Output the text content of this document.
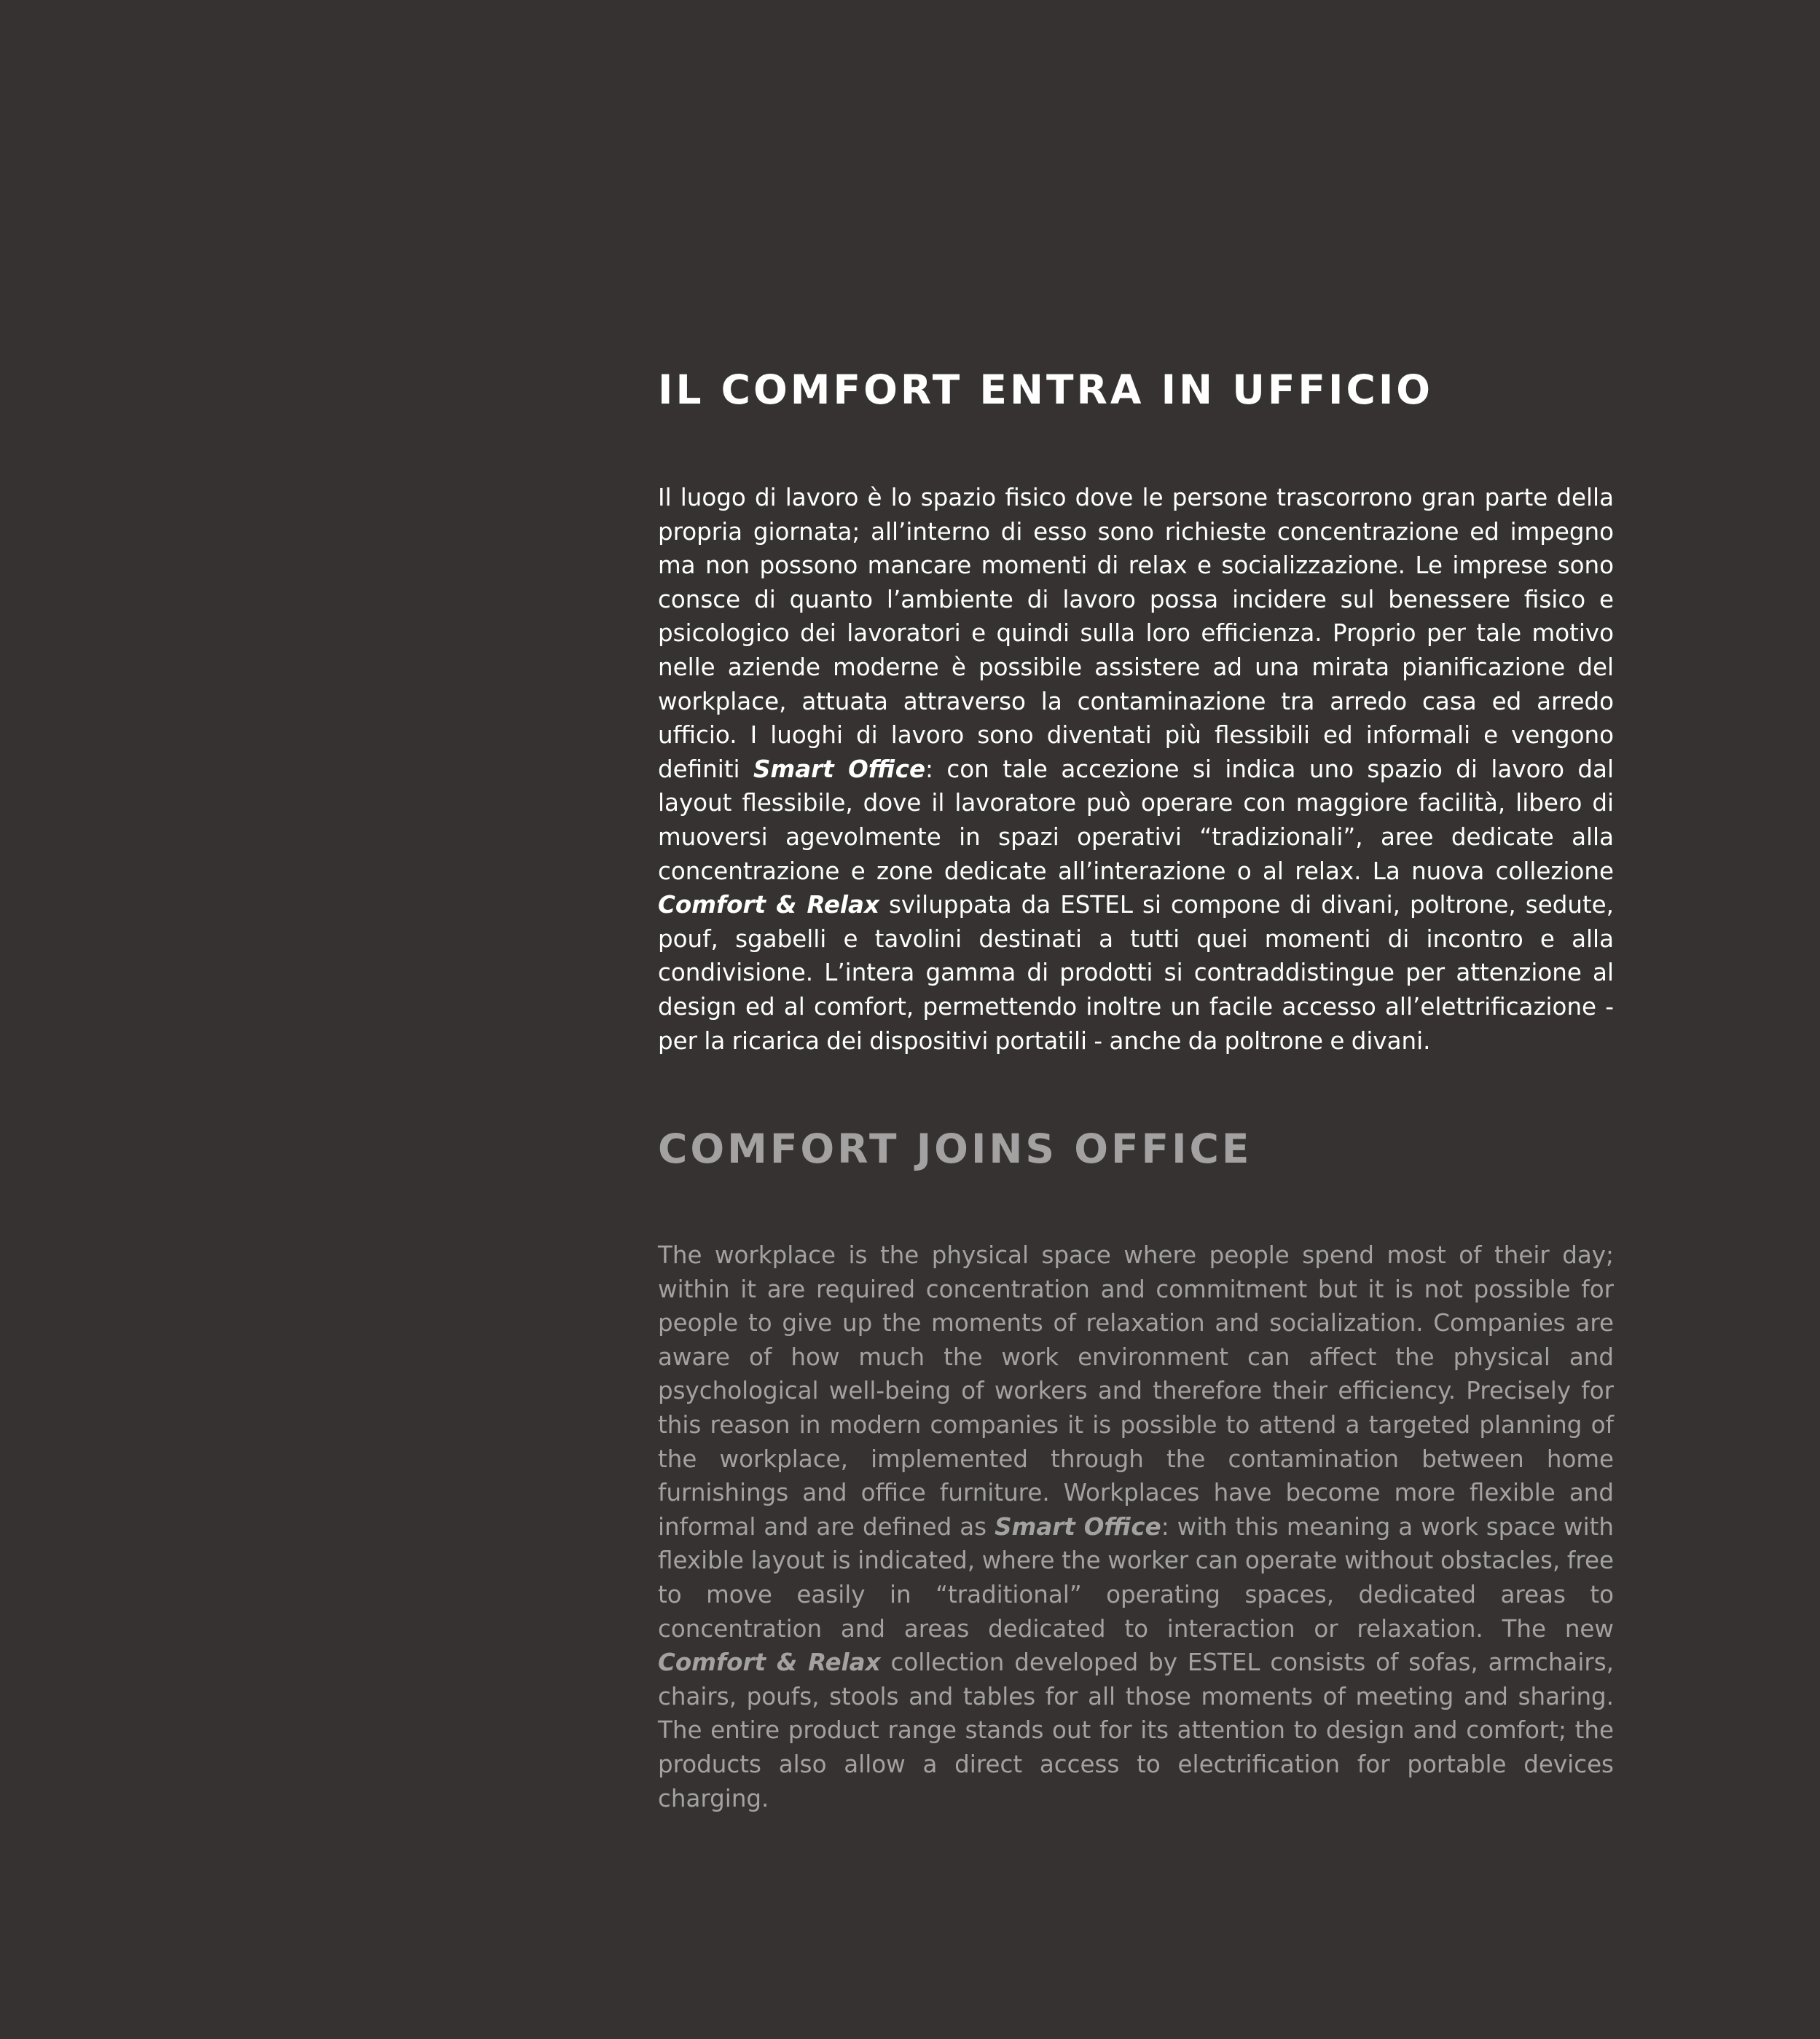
IL COMFORT ENTRA IN UFFICIO

Il luogo di lavoro è lo spazio fisico dove le persone trascorrono gran parte della propria giornata; all’interno di esso sono richieste concentrazione ed impegno ma non possono mancare momenti di relax e socializzazione. Le imprese sono consce di quanto l’ambiente di lavoro possa incidere sul benessere fisico e psicologico dei lavoratori e quindi sulla loro efficienza. Proprio per tale motivo nelle aziende moderne è possibile assistere ad una mirata pianificazione del workplace, attuata attraverso la contaminazione tra arredo casa ed arredo ufficio. I luoghi di lavoro sono diventati più flessibili ed informali e vengono definiti Smart Office: con tale accezione si indica uno spazio di lavoro dal layout flessibile, dove il lavoratore può operare con maggiore facilità, libero di muoversi agevolmente in spazi operativi “tradizionali”, aree dedicate alla concentrazione e zone dedicate all’interazione o al relax. La nuova collezione Comfort & Relax sviluppata da ESTEL si compone di divani, poltrone, sedute, pouf, sgabelli e tavolini destinati a tutti quei momenti di incontro e alla condivisione. L’intera gamma di prodotti si contraddistingue per attenzione al design ed al comfort, permettendo inoltre un facile accesso all’elettrificazione - per la ricarica dei dispositivi portatili - anche da poltrone e divani.

COMFORT JOINS OFFICE

The workplace is the physical space where people spend most of their day; within it are required concentration and commitment but it is not possible for people to give up the moments of relaxation and socialization. Companies are aware of how much the work environment can affect the physical and psychological well-being of workers and therefore their efficiency. Precisely for this reason in modern companies it is possible to attend a targeted planning of the workplace, implemented through the contamination between home furnishings and office furniture. Workplaces have become more flexible and informal and are defined as Smart Office: with this meaning a work space with flexible layout is indicated, where the worker can operate without obstacles, free to move easily in “traditional” operating spaces, dedicated areas to concentration and areas dedicated to interaction or relaxation. The new Comfort & Relax collection developed by ESTEL consists of sofas, armchairs, chairs, poufs, stools and tables for all those moments of meeting and sharing. The entire product range stands out for its attention to design and comfort; the products also allow a direct access to electrification for portable devices charging.
